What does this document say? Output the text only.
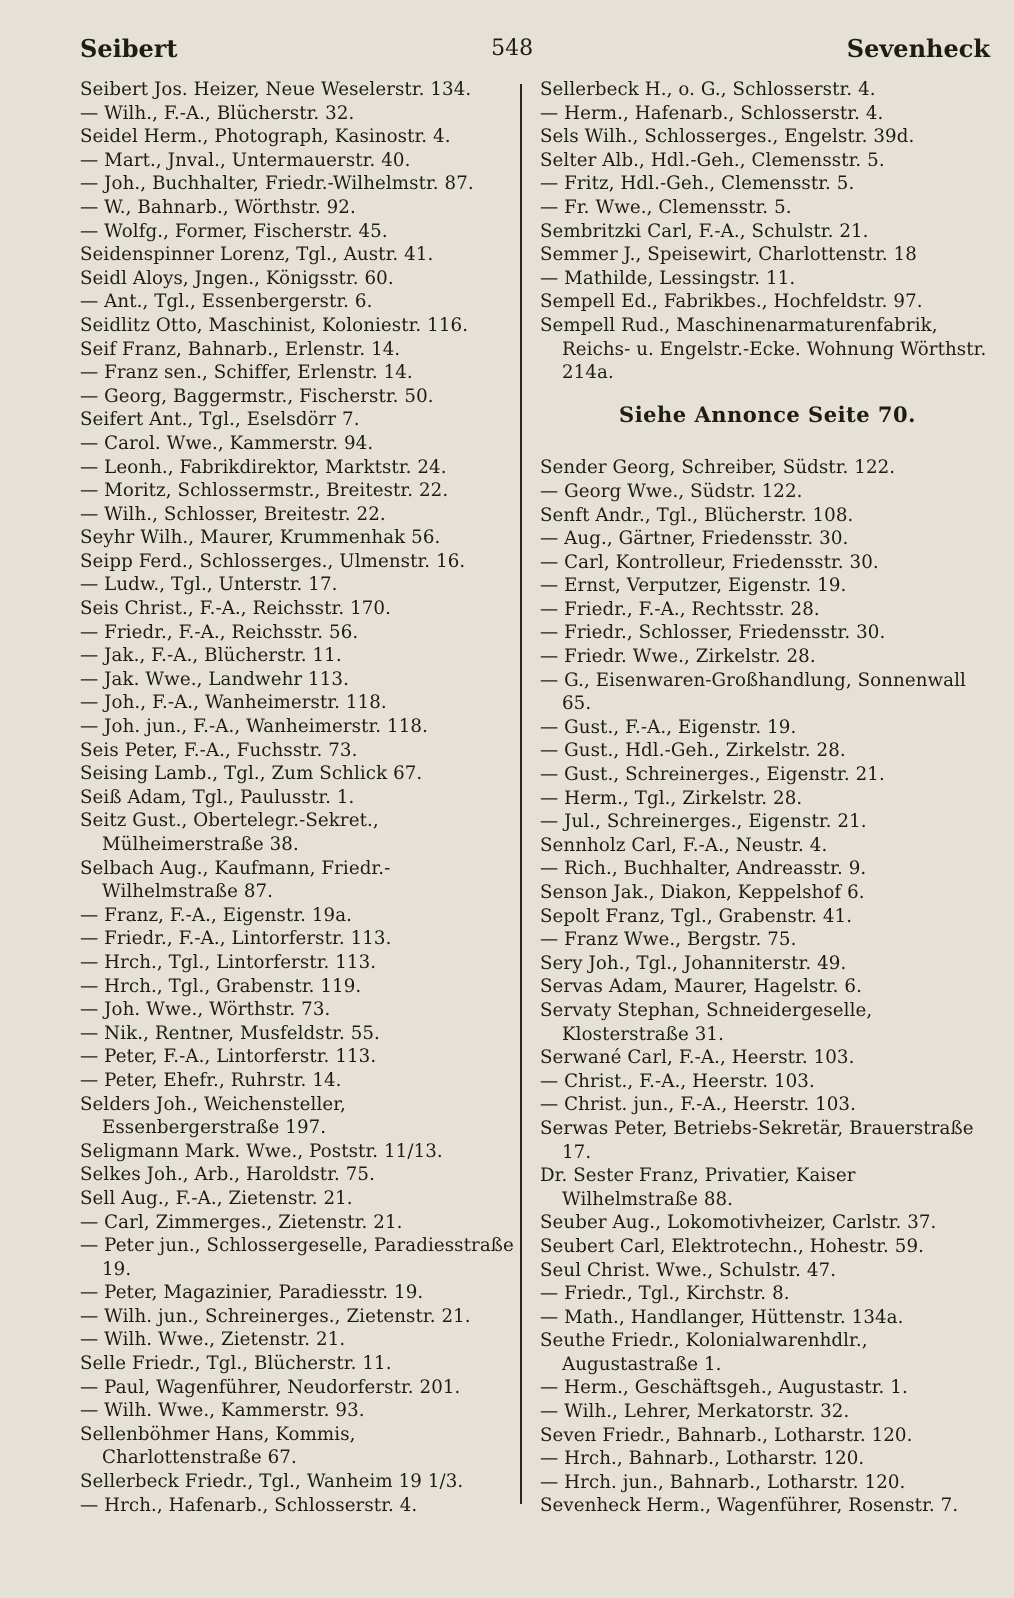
Seibert	548	Sevenheck
Seibert Jos. Heizer, Neue Weselerstr. 134.
— Wilh., F.-A., Blücherstr. 32.
Seidel Herm., Photograph, Kasinostr. 4.
— Mart., Jnval., Untermauerstr. 40.
— Joh., Buchhalter, Friedr.-Wilhelmstr. 87.
— W., Bahnarb., Wörthstr. 92.
— Wolfg., Former, Fischerstr. 45.
Seidenspinner Lorenz, Tgl., Austr. 41.
Seidl Aloys, Jngen., Königsstr. 60.
— Ant., Tgl., Essenbergerstr. 6.
Seidlitz Otto, Maschinist, Koloniestr. 116.
Seif Franz, Bahnarb., Erlenstr. 14.
— Franz sen., Schiffer, Erlenstr. 14.
— Georg, Baggermstr., Fischerstr. 50.
Seifert Ant., Tgl., Eselsdörr 7.
— Carol. Wwe., Kammerstr. 94.
— Leonh., Fabrikdirektor, Marktstr. 24.
— Moritz, Schlossermstr., Breitestr. 22.
— Wilh., Schlosser, Breitestr. 22.
Seyhr Wilh., Maurer, Krummenhak 56.
Seipp Ferd., Schlosserges., Ulmenstr. 16.
— Ludw., Tgl., Unterstr. 17.
Seis Christ., F.-A., Reichsstr. 170.
— Friedr., F.-A., Reichsstr. 56.
— Jak., F.-A., Blücherstr. 11.
— Jak. Wwe., Landwehr 113.
— Joh., F.-A., Wanheimerstr. 118.
— Joh. jun., F.-A., Wanheimerstr. 118.
Seis Peter, F.-A., Fuchsstr. 73.
Seising Lamb., Tgl., Zum Schlick 67.
Seiß Adam, Tgl., Paulusstr. 1.
Seitz Gust., Obertelegr.-Sekret., Mülheimerstraße 38.
Selbach Aug., Kaufmann, Friedr.-Wilhelmstraße 87.
— Franz, F.-A., Eigenstr. 19a.
— Friedr., F.-A., Lintorferstr. 113.
— Hrch., Tgl., Lintorferstr. 113.
— Hrch., Tgl., Grabenstr. 119.
— Joh. Wwe., Wörthstr. 73.
— Nik., Rentner, Musfeldstr. 55.
— Peter, F.-A., Lintorferstr. 113.
— Peter, Ehefr., Ruhrstr. 14.
Selders Joh., Weichensteller, Essenbergerstraße 197.
Seligmann Mark. Wwe., Poststr. 11/13.
Selkes Joh., Arb., Haroldstr. 75.
Sell Aug., F.-A., Zietenstr. 21.
— Carl, Zimmerges., Zietenstr. 21.
— Peter jun., Schlossergeselle, Paradiesstraße 19.
— Peter, Magazinier, Paradiesstr. 19.
— Wilh. jun., Schreinerges., Zietenstr. 21.
— Wilh. Wwe., Zietenstr. 21.
Selle Friedr., Tgl., Blücherstr. 11.
— Paul, Wagenführer, Neudorferstr. 201.
— Wilh. Wwe., Kammerstr. 93.
Sellenböhmer Hans, Kommis, Charlottenstraße 67.
Sellerbeck Friedr., Tgl., Wanheim 19 1/3.
— Hrch., Hafenarb., Schlosserstr. 4.
Sellerbeck H., o. G., Schlosserstr. 4.
— Herm., Hafenarb., Schlosserstr. 4.
Sels Wilh., Schlosserges., Engelstr. 39d.
Selter Alb., Hdl.-Geh., Clemensstr. 5.
— Fritz, Hdl.-Geh., Clemensstr. 5.
— Fr. Wwe., Clemensstr. 5.
Sembritzki Carl, F.-A., Schulstr. 21.
Semmer J., Speisewirt, Charlottenstr. 18
— Mathilde, Lessingstr. 11.
Sempell Ed., Fabrikbes., Hochfeldstr. 97.
Sempell Rud., Maschinenarmaturenfabrik, Reichs- u. Engelstr.-Ecke. Wohnung Wörthstr. 214a.
Siehe Annonce Seite 70.
Sender Georg, Schreiber, Südstr. 122.
— Georg Wwe., Südstr. 122.
Senft Andr., Tgl., Blücherstr. 108.
— Aug., Gärtner, Friedensstr. 30.
— Carl, Kontrolleur, Friedensstr. 30.
— Ernst, Verputzer, Eigenstr. 19.
— Friedr., F.-A., Rechtsstr. 28.
— Friedr., Schlosser, Friedensstr. 30.
— Friedr. Wwe., Zirkelstr. 28.
— G., Eisenwaren-Großhandlung, Sonnenwall 65.
— Gust., F.-A., Eigenstr. 19.
— Gust., Hdl.-Geh., Zirkelstr. 28.
— Gust., Schreinerges., Eigenstr. 21.
— Herm., Tgl., Zirkelstr. 28.
— Jul., Schreinerges., Eigenstr. 21.
Sennholz Carl, F.-A., Neustr. 4.
— Rich., Buchhalter, Andreasstr. 9.
Senson Jak., Diakon, Keppelshof 6.
Sepolt Franz, Tgl., Grabenstr. 41.
— Franz Wwe., Bergstr. 75.
Sery Joh., Tgl., Johanniterstr. 49.
Servas Adam, Maurer, Hagelstr. 6.
Servaty Stephan, Schneidergeselle, Klosterstraße 31.
Serwané Carl, F.-A., Heerstr. 103.
— Christ., F.-A., Heerstr. 103.
— Christ. jun., F.-A., Heerstr. 103.
Serwas Peter, Betriebs-Sekretär, Brauerstraße 17.
Dr. Sester Franz, Privatier, Kaiser Wilhelmstraße 88.
Seuber Aug., Lokomotivheizer, Carlstr. 37.
Seubert Carl, Elektrotechn., Hohestr. 59.
Seul Christ. Wwe., Schulstr. 47.
— Friedr., Tgl., Kirchstr. 8.
— Math., Handlanger, Hüttenstr. 134a.
Seuthe Friedr., Kolonialwarenhdlr., Augustastraße 1.
— Herm., Geschäftsgeh., Augustastr. 1.
— Wilh., Lehrer, Merkatorstr. 32.
Seven Friedr., Bahnarb., Lotharstr. 120.
— Hrch., Bahnarb., Lotharstr. 120.
— Hrch. jun., Bahnarb., Lotharstr. 120.
Sevenheck Herm., Wagenführer, Rosenstr. 7.
